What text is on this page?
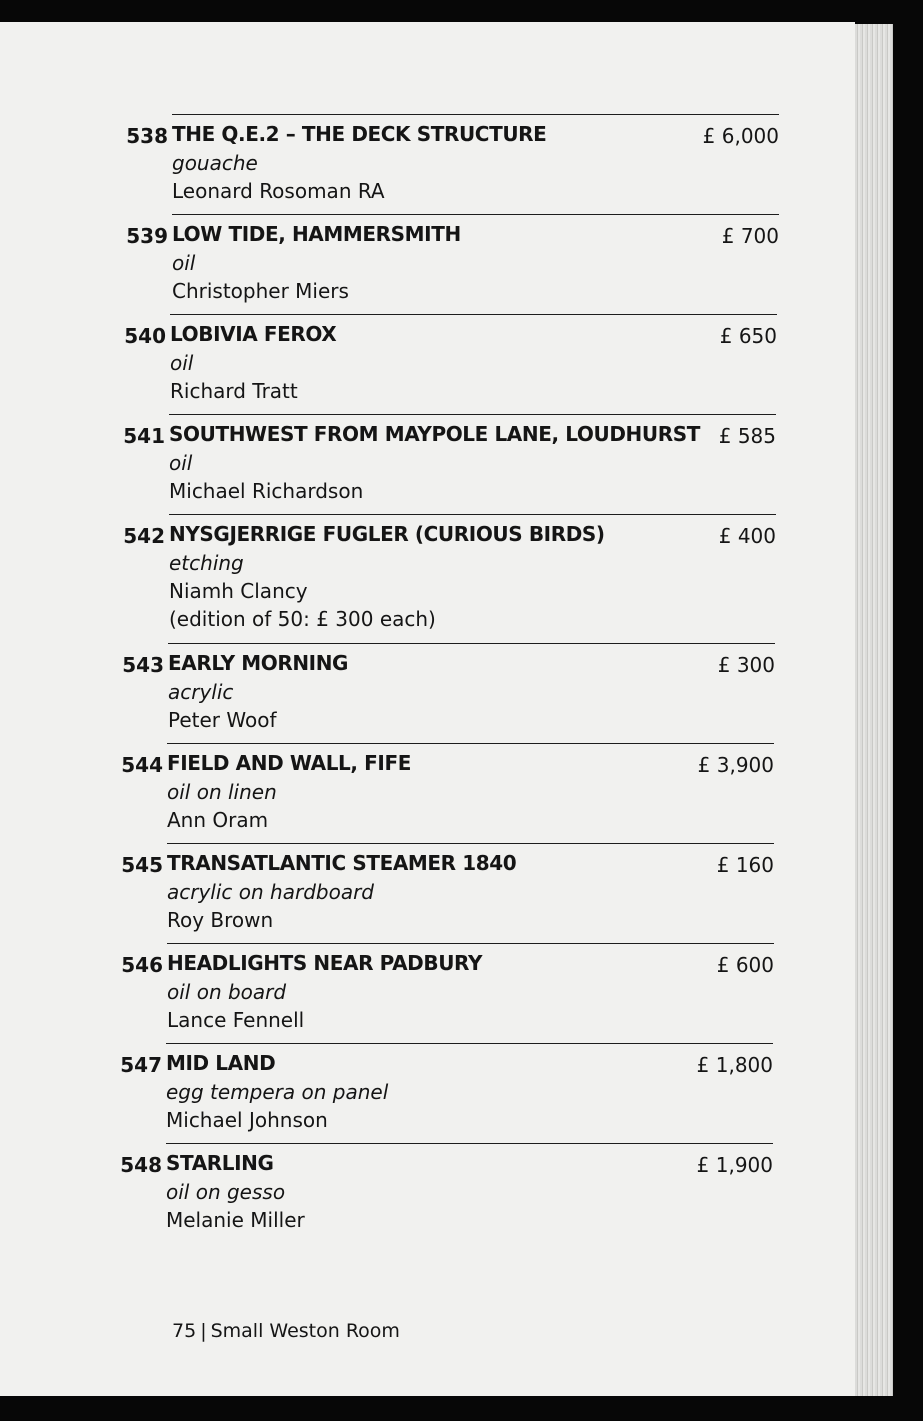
538 THE Q.E.2 – THE DECK STRUCTURE
gouache
Leonard Rosoman RA
£ 6,000
539 LOW TIDE, HAMMERSMITH
oil
Christopher Miers
£ 700
540 LOBIVIA FEROX
oil
Richard Tratt
£ 650
541 SOUTHWEST FROM MAYPOLE LANE, LOUDHURST
oil
Michael Richardson
£ 585
542 NYSGJERRIGE FUGLER (CURIOUS BIRDS)
etching
Niamh Clancy
(edition of 50: £ 300 each)
£ 400
543 EARLY MORNING
acrylic
Peter Woof
£ 300
544 FIELD AND WALL, FIFE
oil on linen
Ann Oram
£ 3,900
545 TRANSATLANTIC STEAMER 1840
acrylic on hardboard
Roy Brown
£ 160
546 HEADLIGHTS NEAR PADBURY
oil on board
Lance Fennell
£ 600
547 MID LAND
egg tempera on panel
Michael Johnson
£ 1,800
548 STARLING
oil on gesso
Melanie Miller
£ 1,900
75 | Small Weston Room
